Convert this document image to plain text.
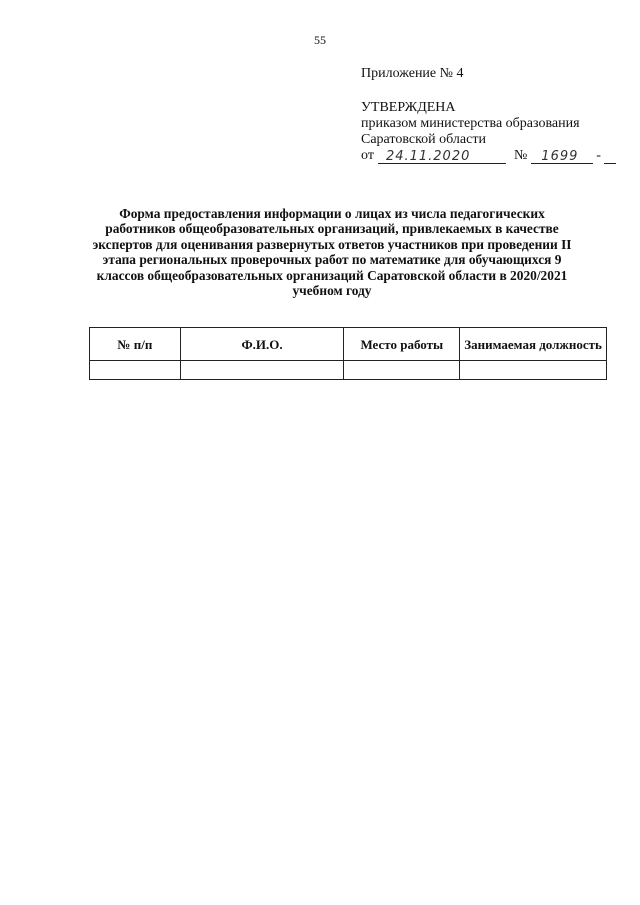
55
Приложение № 4
УТВЕРЖДЕНА
приказом министерства образования
Саратовской области
от 24.11.2020	№	1699	-
Форма предоставления информации о лицах из числа педагогических работников общеобразовательных организаций, привлекаемых в качестве экспертов для оценивания развернутых ответов участников при проведении II этапа региональных проверочных работ по математике для обучающихся 9 классов общеобразовательных организаций Саратовской области в 2020/2021 учебном году
№ п/п	Ф.И.О.	Место работы	Занимаемая должность
